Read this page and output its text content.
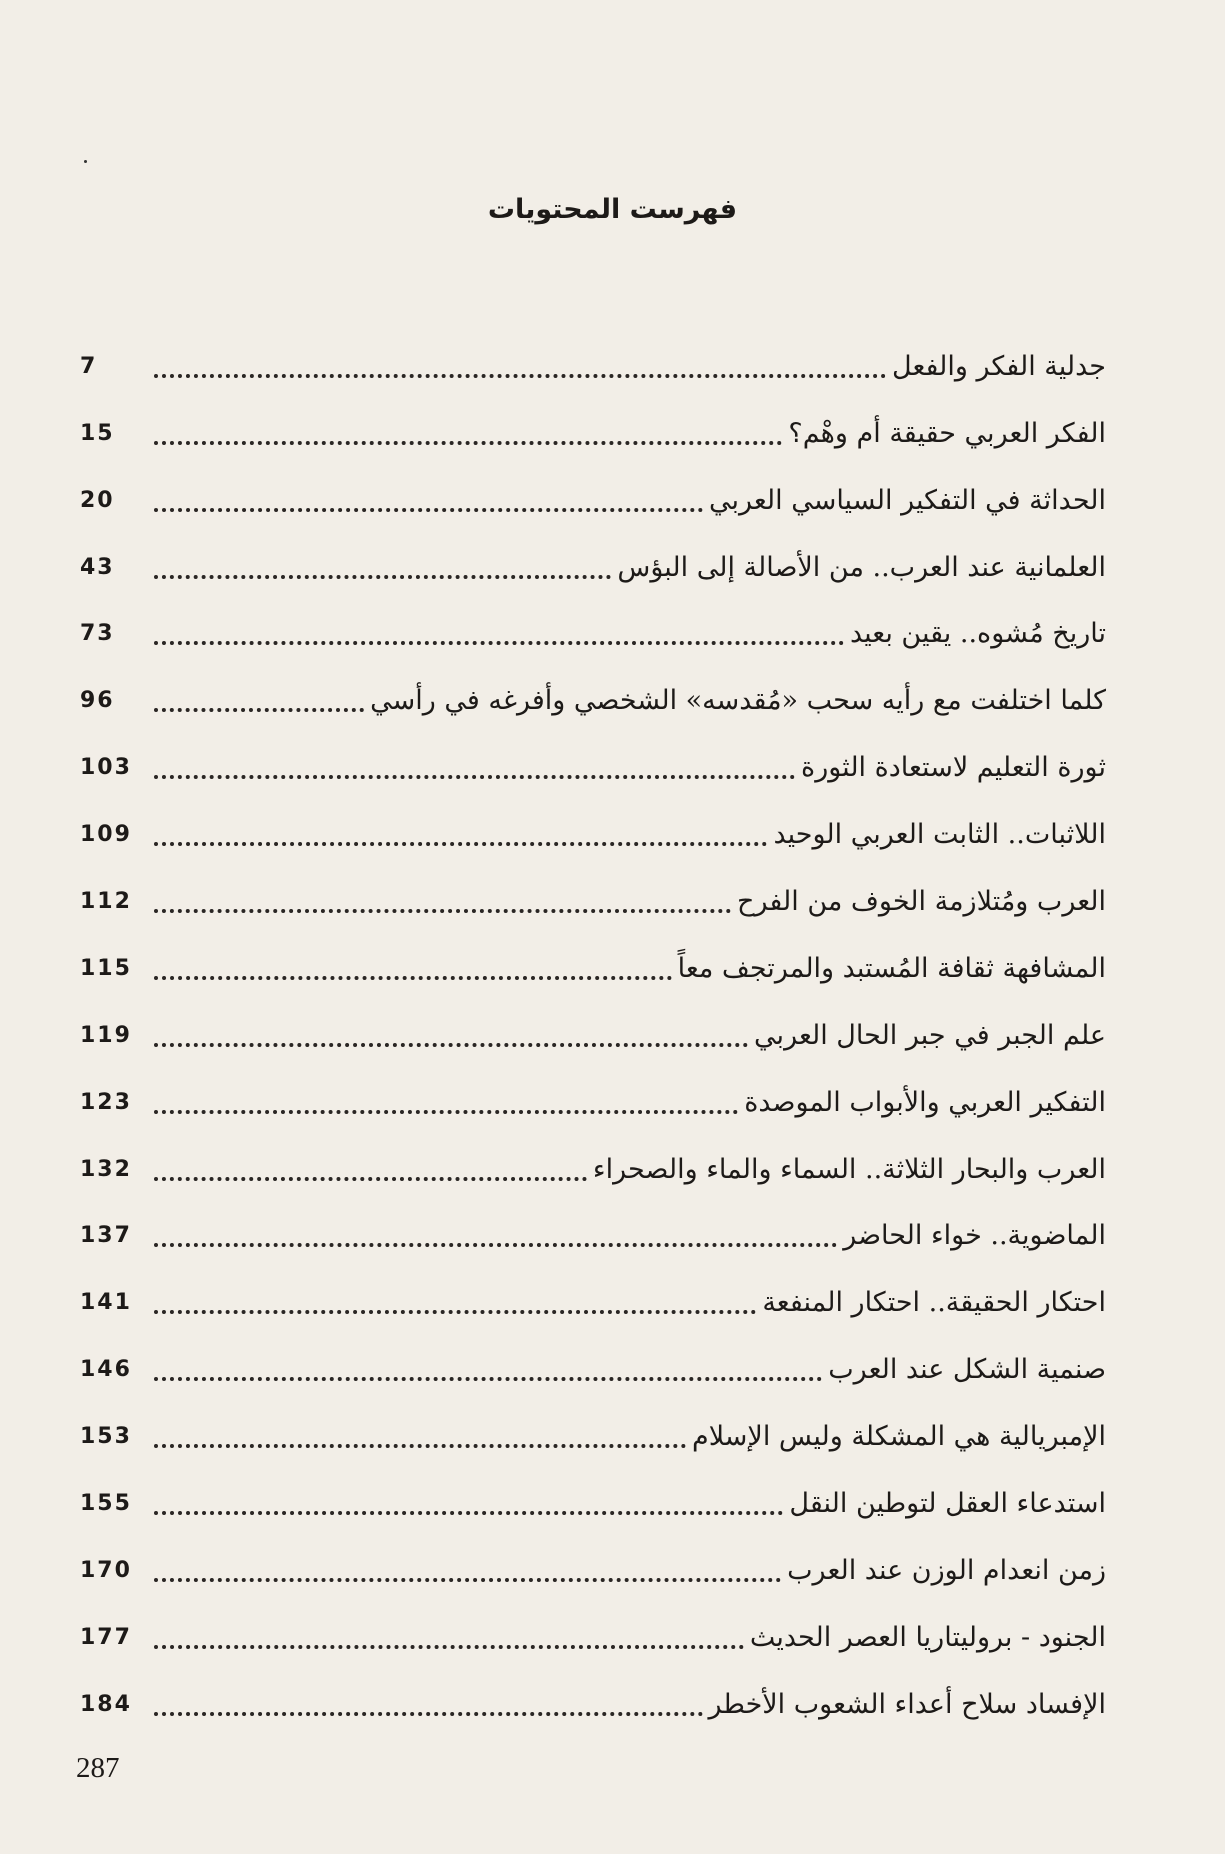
فهرست المحتويات
جدلية الفكر والفعل
7
الفكر العربي حقيقة أم وهْم؟
15
الحداثة في التفكير السياسي العربي
20
العلمانية عند العرب.. من الأصالة إلى البؤس
43
تاريخ مُشوه.. يقين بعيد
73
كلما اختلفت مع رأيه سحب «مُقدسه» الشخصي وأفرغه في رأسي
96
ثورة التعليم لاستعادة الثورة
103
اللاثبات.. الثابت العربي الوحيد
109
العرب ومُتلازمة الخوف من الفرح
112
المشافهة ثقافة المُستبد والمرتجف معاً
115
علم الجبر في جبر الحال العربي
119
التفكير العربي والأبواب الموصدة
123
العرب والبحار الثلاثة.. السماء والماء والصحراء
132
الماضوية.. خواء الحاضر
137
احتكار الحقيقة.. احتكار المنفعة
141
صنمية الشكل عند العرب
146
الإمبريالية هي المشكلة وليس الإسلام
153
استدعاء العقل لتوطين النقل
155
زمن انعدام الوزن عند العرب
170
الجنود - بروليتاريا العصر الحديث
177
الإفساد سلاح أعداء الشعوب الأخطر
184
287
